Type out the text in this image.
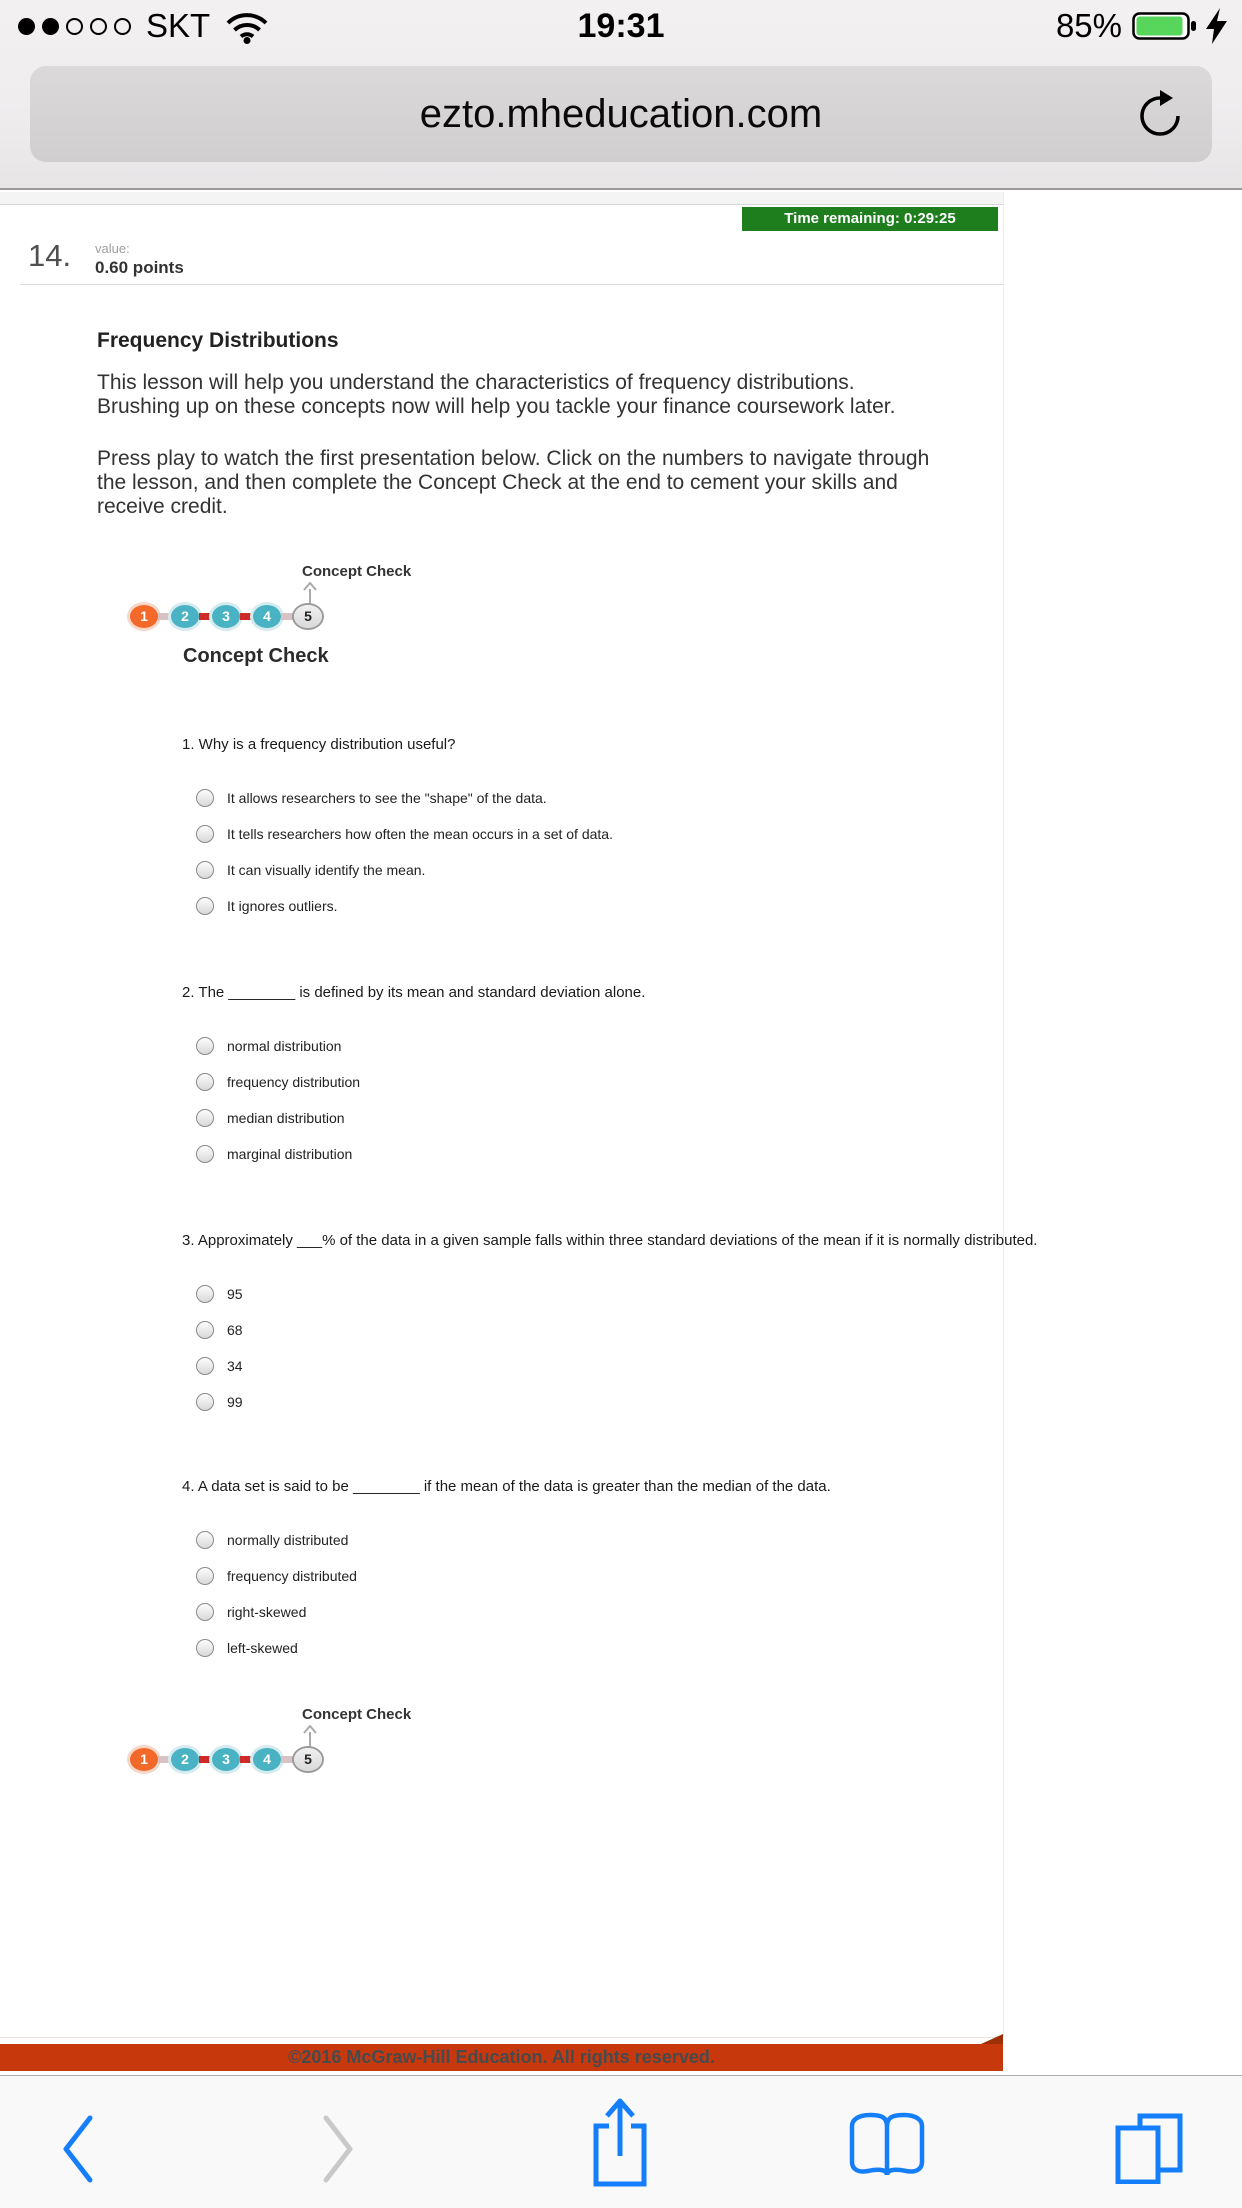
SKT	19:31	85%
ezto.mheducation.com
Time remaining: 0:29:25
14. value:
0.60 points
Frequency Distributions
This lesson will help you understand the characteristics of frequency distributions.
Brushing up on these concepts now will help you tackle your finance coursework later.
Press play to watch the first presentation below. Click on the numbers to navigate through
the lesson, and then complete the Concept Check at the end to cement your skills and
receive credit.
Concept Check
1	2	3	4	5
Concept Check
1. Why is a frequency distribution useful?
It allows researchers to see the "shape" of the data.
It tells researchers how often the mean occurs in a set of data.
It can visually identify the mean.
It ignores outliers.
2. The ________ is defined by its mean and standard deviation alone.
normal distribution
frequency distribution
median distribution
marginal distribution
3. Approximately ___% of the data in a given sample falls within three standard deviations of the mean if it is normally distributed.
95
68
34
99
4. A data set is said to be ________ if the mean of the data is greater than the median of the data.
normally distributed
frequency distributed
right-skewed
left-skewed
Concept Check
1	2	3	4	5
©2016 McGraw-Hill Education. All rights reserved.
